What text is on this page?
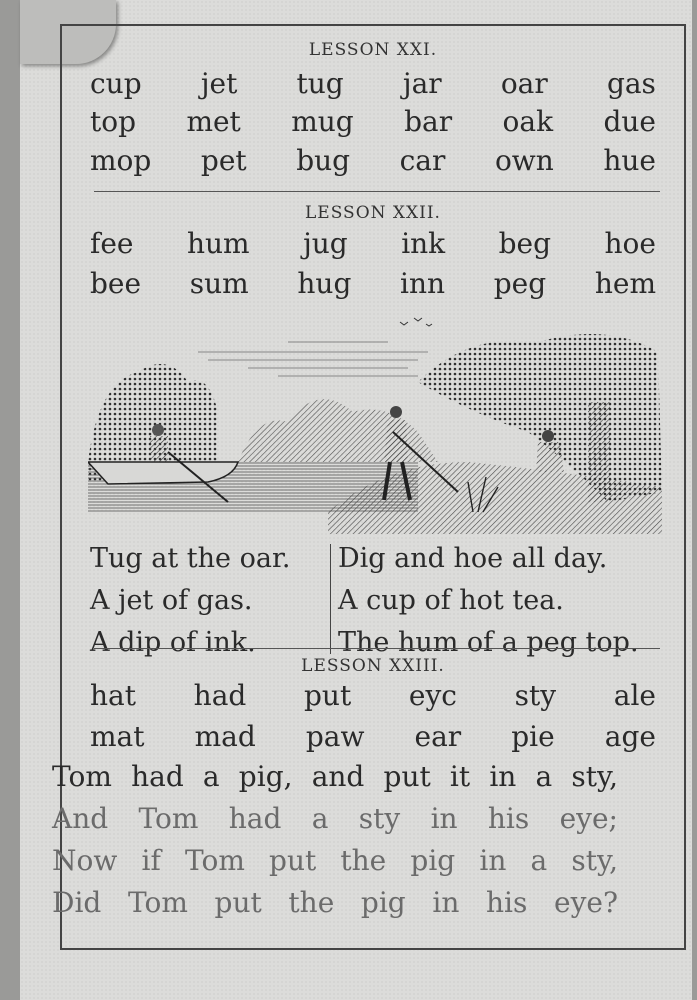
LESSON XXI.
cup jet tug jar oar gas
top met mug bar oak due
mop pet bug car own hue
LESSON XXII.
fee hum jug ink beg hoe
bee sum hug inn peg hem
Tug at the oar.
A jet of gas.
A dip of ink.
Dig and hoe all day.
A cup of hot tea.
The hum of a peg top.
LESSON XXIII.
hat had put eyc sty ale
mat mad paw ear pie age
Tom had a pig, and put it in a sty,
And Tom had a sty in his eye;
Now if Tom put the pig in a sty,
Did Tom put the pig in his eye?
